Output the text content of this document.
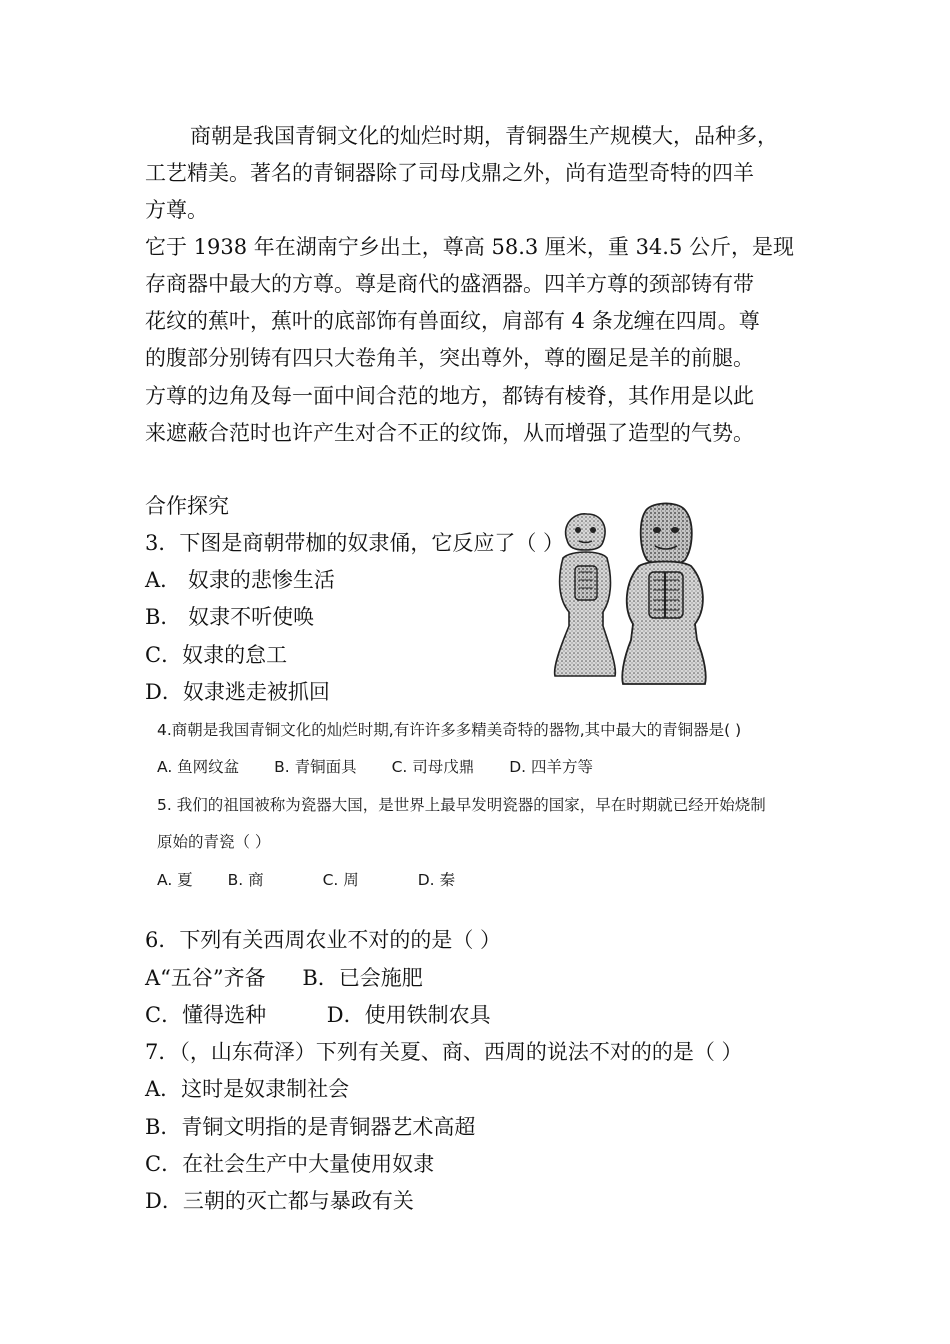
商朝是我国青铜文化的灿烂时期，青铜器生产规模大，品种多，
工艺精美。著名的青铜器除了司母戊鼎之外，尚有造型奇特的四羊
方尊。
它于 1938 年在湖南宁乡出土，尊高 58.3 厘米，重 34.5 公斤，是现
存商器中最大的方尊。尊是商代的盛酒器。四羊方尊的颈部铸有带
花纹的蕉叶，蕉叶的底部饰有兽面纹，肩部有 4 条龙缠在四周。尊
的腹部分别铸有四只大卷角羊，突出尊外，尊的圈足是羊的前腿。
方尊的边角及每一面中间合范的地方，都铸有棱脊，其作用是以此
来遮蔽合范时也许产生对合不正的纹饰，从而增强了造型的气势。
合作探究
3．下图是商朝带枷的奴隶俑，它反应了（ ）
A． 奴隶的悲惨生活
B． 奴隶不听使唤
C．奴隶的怠工
D．奴隶逃走被抓回
4.商朝是我国青铜文化的灿烂时期,有许许多多精美奇特的器物,其中最大的青铜器是( )
A. 鱼网纹盆 B. 青铜面具 C. 司母戊鼎 D. 四羊方等
5. 我们的祖国被称为瓷器大国，是世界上最早发明瓷器的国家，早在时期就已经开始烧制
原始的青瓷（ ）
A. 夏 B. 商	C. 周	D. 秦
6．下列有关西周农业不对的的是（ ）
A“五谷”齐备 B．已会施肥
C．懂得选种	D．使用铁制农具
7．（，山东荷泽）下列有关夏、商、西周的说法不对的的是（ ）
A．这时是奴隶制社会
B．青铜文明指的是青铜器艺术高超
C．在社会生产中大量使用奴隶
D．三朝的灭亡都与暴政有关
